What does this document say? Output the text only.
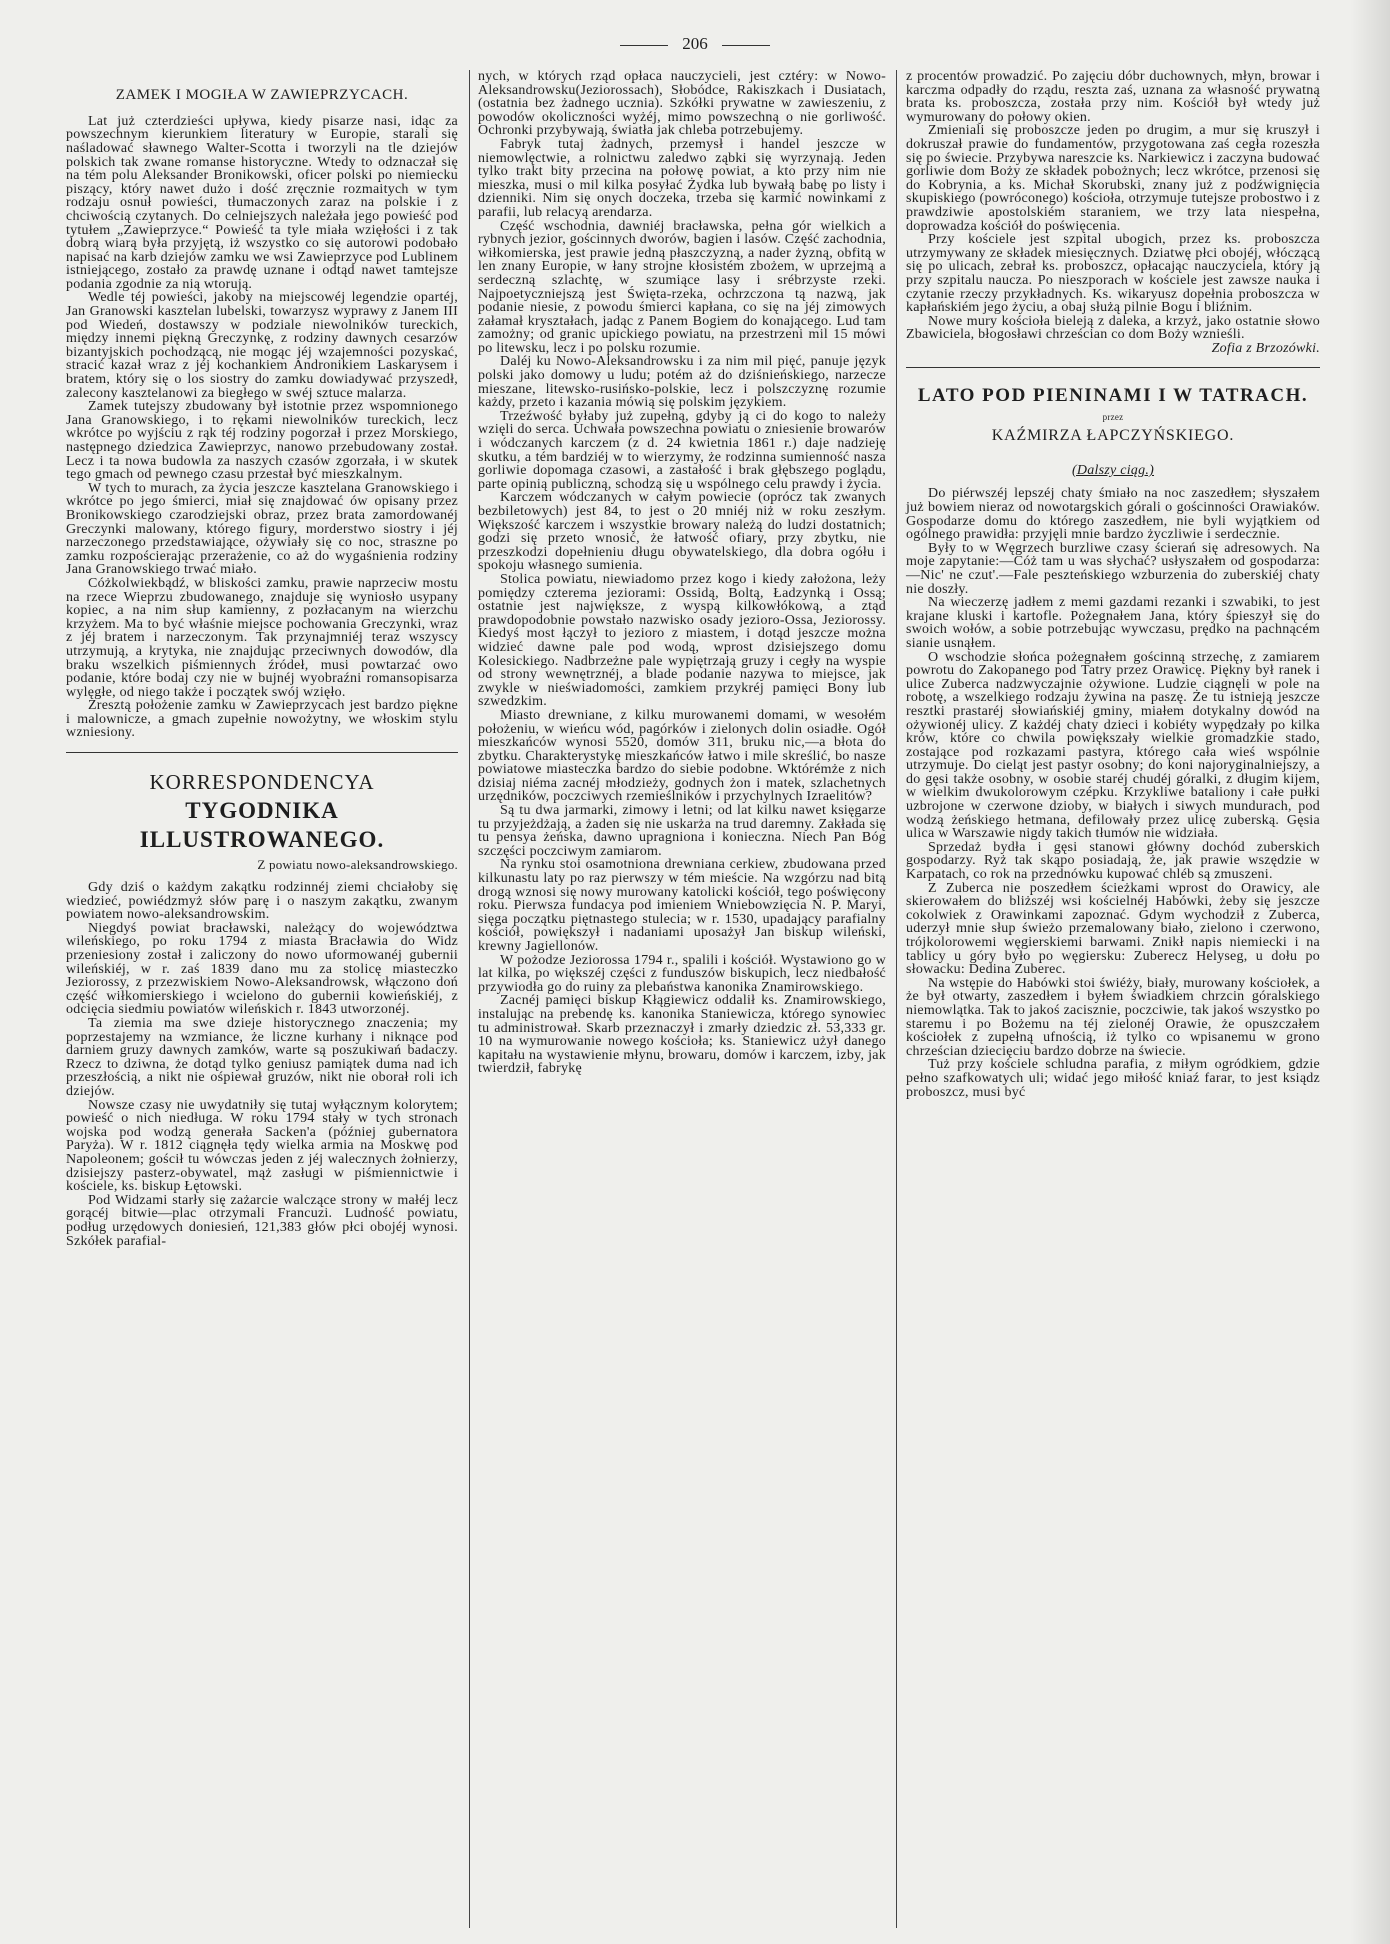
206
ZAMEK I MOGIŁA W ZAWIEPRZYCACH.

Lat już czterdzieści upływa, kiedy pisarze nasi, idąc za powszechnym kierunkiem literatury w Europie, starali się naśladować sławnego Walter-Scotta i tworzyli na tle dziejów polskich tak zwane romanse historyczne. Wtedy to odznaczał się na tém polu Aleksander Bronikowski, oficer polski po niemiecku piszący, który nawet dużo i dość zręcznie rozmaitych w tym rodzaju osnuł powieści, tłumaczonych zaraz na polskie i z chciwością czytanych. Do celniejszych należała jego powieść pod tytułem „Zawieprzyce.“ Powieść ta tyle miała wzięłości i z tak dobrą wiarą była przyjętą, iż wszystko co się autorowi podobało napisać na karb dziejów zamku we wsi Zawieprzyce pod Lublinem istniejącego, zostało za prawdę uznane i odtąd nawet tamtejsze podania zgodnie za nią wtorują.

Wedle téj powieści, jakoby na miejscowéj legendzie opartéj, Jan Granowski kasztelan lubelski, towarzysz wyprawy z Janem III pod Wiedeń, dostawszy w podziale niewolników tureckich, między innemi piękną Greczynkę, z rodziny dawnych cesarzów bizantyjskich pochodzącą, nie mogąc jéj wzajemności pozyskać, stracić kazał wraz z jéj kochankiem Andronikiem Laskarysem i bratem, który się o los siostry do zamku dowiadywać przyszedł, zalecony kasztelanowi za biegłego w swéj sztuce malarza.

Zamek tutejszy zbudowany był istotnie przez wspomnionego Jana Granowskiego, i to rękami niewolników tureckich, lecz wkrótce po wyjściu z rąk téj rodziny pogorzał i przez Morskiego, następnego dziedzica Zawieprzyc, nanowo przebudowany został. Lecz i ta nowa budowla za naszych czasów zgorzała, i w skutek tego gmach od pewnego czasu przestał być mieszkalnym.

W tych to murach, za życia jeszcze kasztelana Granowskiego i wkrótce po jego śmierci, miał się znajdować ów opisany przez Bronikowskiego czarodziejski obraz, przez brata zamordowanéj Greczynki malowany, którego figury, morderstwo siostry i jéj narzeczonego przedstawiające, ożywiały się co noc, straszne po zamku rozpościerając przerażenie, co aż do wygaśnienia rodziny Jana Granowskiego trwać miało.

Cóżkolwiekbądź, w bliskości zamku, prawie naprzeciw mostu na rzece Wieprzu zbudowanego, znajduje się wyniosło usypany kopiec, a na nim słup kamienny, z pozłacanym na wierzchu krzyżem. Ma to być właśnie miejsce pochowania Greczynki, wraz z jéj bratem i narzeczonym. Tak przynajmniéj teraz wszyscy utrzymują, a krytyka, nie znajdując przeciwnych dowodów, dla braku wszelkich piśmiennych źródeł, musi powtarzać owo podanie, które bodaj czy nie w bujnéj wyobraźni romansopisarza wylęgłe, od niego także i początek swój wzięło.

Zresztą położenie zamku w Zawieprzycach jest bardzo piękne i malownicze, a gmach zupełnie nowożytny, we włoskim stylu wzniesiony.

KORRESPONDENCYA
TYGODNIKA ILLUSTROWANEGO.
Z powiatu nowo-aleksandrowskiego.

Gdy dziś o każdym zakątku rodzinnéj ziemi chciałoby się wiedzieć, powiédzmyż słów parę i o naszym zakątku, zwanym powiatem nowo-aleksandrowskim.

Niegdyś powiat bracławski, należący do województwa wileńskiego, po roku 1794 z miasta Bracławia do Widz przeniesiony został i zaliczony do nowo uformowanéj gubernii wileńskiéj, w r. zaś 1839 dano mu za stolicę miasteczko Jeziorossy, z przezwiskiem Nowo-Aleksandrowsk, włączono doń część wiłkomierskiego i wcielono do gubernii kowieńskiéj, z odcięcia siedmiu powiatów wileńskich r. 1843 utworzonéj.

Ta ziemia ma swe dzieje historycznego znaczenia; my poprzestajemy na wzmiance, że liczne kurhany i niknące pod darniem gruzy dawnych zamków, warte są poszukiwań badaczy. Rzecz to dziwna, że dotąd tylko geniusz pamiątek duma nad ich przeszłością, a nikt nie ośpiewał gruzów, nikt nie oborał roli ich dziejów.

Nowsze czasy nie uwydatniły się tutaj wyłącznym kolorytem; powieść o nich niedługa. W roku 1794 stały w tych stronach wojska pod wodzą generała Sacken'a (później gubernatora Paryża). W r. 1812 ciągnęła tędy wielka armia na Moskwę pod Napoleonem; gościł tu wówczas jeden z jéj walecznych żołnierzy, dzisiejszy pasterz-obywatel, mąż zasługi w piśmiennictwie i kościele, ks. biskup Łętowski.

Pod Widzami starły się zażarcie walczące strony w małéj lecz gorącéj bitwie—plac otrzymali Francuzi. Ludność powiatu, podług urzędowych doniesień, 121,383 głów płci obojéj wynosi. Szkółek parafial-

nych, w których rząd opłaca nauczycieli, jest cztéry: w Nowo-Aleksandrowsku(Jeziorossach), Słobódce, Rakiszkach i Dusiatach,(ostatnia bez żadnego ucznia). Szkółki prywatne w zawieszeniu, z powodów okoliczności wyżéj, mimo powszechną o nie gorliwość. Ochronki przybywają, światła jak chleba potrzebujemy.

Fabryk tutaj żadnych, przemysł i handel jeszcze w niemowlęctwie, a rolnictwu zaledwo ząbki się wyrzynają. Jeden tylko trakt bity przecina na połowę powiat, a kto przy nim nie mieszka, musi o mil kilka posyłać Żydka lub bywałą babę po listy i dzienniki. Nim się onych doczeka, trzeba się karmić nowinkami z parafii, lub relacyą arendarza.

Część wschodnia, dawniéj bracławska, pełna gór wielkich a rybnych jezior, gościnnych dworów, bagien i lasów. Część zachodnia, wiłkomierska, jest prawie jedną płaszczyzną, a nader żyzną, obfitą w len znany Europie, w łany strojne kłosistém zbożem, w uprzejmą a serdeczną szlachtę, w szumiące lasy i srébrzyste rzeki. Najpoetyczniejszą jest Święta-rzeka, ochrzczona tą nazwą, jak podanie niesie, z powodu śmierci kapłana, co się na jéj zimowych załamał kryształach, jadąc z Panem Bogiem do konającego. Lud tam zamożny; od granic upickiego powiatu, na przestrzeni mil 15 mówi po litewsku, lecz i po polsku rozumie.

Daléj ku Nowo-Aleksandrowsku i za nim mil pięć, panuje język polski jako domowy u ludu; potém aż do dziśnieńskiego, narzecze mieszane, litewsko-rusińsko-polskie, lecz i polszczyznę rozumie każdy, przeto i kazania mówią się polskim językiem.

Trzeźwość byłaby już zupełną, gdyby ją ci do kogo to należy wzięli do serca. Uchwała powszechna powiatu o zniesienie browarów i wódczanych karczem (z d. 24 kwietnia 1861 r.) daje nadzieję skutku, a tém bardziéj w to wierzymy, że rodzinna sumienność nasza gorliwie dopomaga czasowi, a zastałość i brak głębszego poglądu, parte opinią publiczną, schodzą się u wspólnego celu prawdy i życia.

Karczem wódczanych w całym powiecie (oprócz tak zwanych bezbiletowych) jest 84, to jest o 20 mniéj niż w roku zeszłym. Większość karczem i wszystkie browary należą do ludzi dostatnich; godzi się przeto wnosić, że łatwość ofiary, przy zbytku, nie przeszkodzi dopełnieniu długu obywatelskiego, dla dobra ogółu i spokoju własnego sumienia.

Stolica powiatu, niewiadomo przez kogo i kiedy założona, leży pomiędzy czterema jeziorami: Ossidą, Boltą, Ładzynką i Ossą; ostatnie jest największe, z wyspą kilkowłókową, a ztąd prawdopodobnie powstało nazwisko osady jezioro-Ossa, Jeziorossy. Kiedyś most łączył to jezioro z miastem, i dotąd jeszcze można widzieć dawne pale pod wodą, wprost dzisiejszego domu Kolesickiego. Nadbrzeżne pale wypiętrzają gruzy i cegły na wyspie od strony wewnętrznéj, a blade podanie nazywa to miejsce, jak zwykle w nieświadomości, zamkiem przykréj pamięci Bony lub szwedzkim.

Miasto drewniane, z kilku murowanemi domami, w wesołém położeniu, w wieńcu wód, pagórków i zielonych dolin osiadłe. Ogół mieszkańców wynosi 5520, domów 311, bruku nic,—a błota do zbytku. Charakterystykę mieszkańców łatwo i mile skreślić, bo nasze powiatowe miasteczka bardzo do siebie podobne. Wktórémże z nich dzisiaj niéma zacnéj młodzieży, godnych żon i matek, szlachetnych urzędników, poczciwych rzemieślników i przychylnych Izraelitów?

Są tu dwa jarmarki, zimowy i letni; od lat kilku nawet księgarze tu przyjeżdżają, a żaden się nie uskarża na trud daremny. Zakłada się tu pensya żeńska, dawno upragniona i konieczna. Niech Pan Bóg szczęści poczciwym zamiarom.

Na rynku stoi osamotniona drewniana cerkiew, zbudowana przed kilkunastu laty po raz pierwszy w tém mieście. Na wzgórzu nad bitą drogą wznosi się nowy murowany katolicki kościół, tego poświęcony roku. Pierwsza fundacya pod imieniem Wniebowzięcia N. P. Maryi, sięga początku piętnastego stulecia; w r. 1530, upadający parafialny kościół, powiększył i nadaniami uposażył Jan biskup wileński, krewny Jagiellonów.

W pożodze Jeziorossa 1794 r., spalili i kościół. Wystawiono go w lat kilka, po większéj części z funduszów biskupich, lecz niedbałość przywiodła go do ruiny za plebaństwa kanonika Znamirowskiego.

Zacnéj pamięci biskup Kłągiewicz oddalił ks. Znamirowskiego, instalując na prebendę ks. kanonika Staniewicza, którego synowiec tu administrował. Skarb przeznaczył i zmarły dziedzic zł. 53,333 gr. 10 na wymurowanie nowego kościoła; ks. Staniewicz użył danego kapitału na wystawienie młynu, browaru, domów i karczem, izby, jak twierdził, fabrykę

z procentów prowadzić. Po zajęciu dóbr duchownych, młyn, browar i karczma odpadły do rządu, reszta zaś, uznana za własność prywatną brata ks. proboszcza, została przy nim. Kościół był wtedy już wymurowany do połowy okien.

Zmieniali się proboszcze jeden po drugim, a mur się kruszył i dokruszał prawie do fundamentów, przygotowana zaś cegła rozeszła się po świecie. Przybywa nareszcie ks. Narkiewicz i zaczyna budować gorliwie dom Boży ze składek pobożnych; lecz wkrótce, przenosi się do Kobrynia, a ks. Michał Skorubski, znany już z podźwignięcia skupiskiego (powróconego) kościoła, otrzymuje tutejsze probostwo i z prawdziwie apostolskiém staraniem, we trzy lata niespełna, doprowadza kościół do poświęcenia.

Przy kościele jest szpital ubogich, przez ks. proboszcza utrzymywany ze składek miesięcznych. Dziatwę płci obojéj, włóczącą się po ulicach, zebrał ks. proboszcz, opłacając nauczyciela, który ją przy szpitalu naucza. Po nieszporach w kościele jest zawsze nauka i czytanie rzeczy przykładnych. Ks. wikaryusz dopełnia proboszcza w kapłańskiém jego życiu, a obaj służą pilnie Bogu i bliźnim.

Nowe mury kościoła bieleją z daleka, a krzyż, jako ostatnie słowo Zbawiciela, błogosławi chrześcian co dom Boży wznieśli.

Zofia z Brzozówki.

LATO POD PIENINAMI I W TATRACH.
przez
KAŹMIRZA ŁAPCZYŃSKIEGO.
(Dalszy ciąg.)

Do piérwszéj lepszéj chaty śmiało na noc zaszedłem; słyszałem już bowiem nieraz od nowotargskich górali o gościnności Orawiaków. Gospodarze domu do którego zaszedłem, nie byli wyjątkiem od ogólnego prawidła: przyjęli mnie bardzo życzliwie i serdecznie.

Były to w Węgrzech burzliwe czasy ścierań się adresowych. Na moje zapytanie:—Cóż tam u was słychać? usłyszałem od gospodarza:—Nic' ne czut'.—Fale peszteńskiego wzburzenia do zuberskiéj chaty nie doszły.

Na wieczerzę jadłem z memi gazdami rezanki i szwabiki, to jest krajane kluski i kartofle. Pożegnałem Jana, który śpieszył się do swoich wołów, a sobie potrzebując wywczasu, prędko na pachnącém sianie usnąłem.

O wschodzie słońca pożegnałem gościnną strzechę, z zamiarem powrotu do Zakopanego pod Tatry przez Orawicę. Piękny był ranek i ulice Zuberca nadzwyczajnie ożywione. Ludzie ciągnęli w pole na robotę, a wszelkiego rodzaju żywina na paszę. Że tu istnieją jeszcze resztki prastaréj słowiańskiéj gminy, miałem dotykalny dowód na ożywionéj ulicy. Z każdéj chaty dzieci i kobiéty wypędzały po kilka krów, które co chwila powiększały wielkie gromadzkie stado, zostające pod rozkazami pastyra, którego cała wieś wspólnie utrzymuje. Do cieląt jest pastyr osobny; do koni najoryginalniejszy, a do gęsi także osobny, w osobie staréj chudéj góralki, z długim kijem, w wielkim dwukolorowym czépku. Krzykliwe bataliony i całe pułki uzbrojone w czerwone dzioby, w białych i siwych mundurach, pod wodzą żeńskiego hetmana, defilowały przez ulicę zuberską. Gęsia ulica w Warszawie nigdy takich tłumów nie widziała.

Sprzedaż bydła i gęsi stanowi główny dochód zuberskich gospodarzy. Ryż tak skąpo posiadają, że, jak prawie wszędzie w Karpatach, co rok na przednówku kupować chléb są zmuszeni.

Z Zuberca nie poszedłem ścieżkami wprost do Orawicy, ale skierowałem do bliższéj wsi kościelnéj Habówki, żeby się jeszcze cokolwiek z Orawinkami zapoznać. Gdym wychodził z Zuberca, uderzył mnie słup świeżo przemalowany biało, zielono i czerwono, trójkolorowemi węgierskiemi barwami. Znikł napis niemiecki i na tablicy u góry było po węgiersku: Zuberecz Helyseg, u dołu po słowacku: Dedina Zuberec.

Na wstępie do Habówki stoi świéży, biały, murowany kościołek, a że był otwarty, zaszedłem i byłem świadkiem chrzcin góralskiego niemowlątka. Tak to jakoś zacisznie, poczciwie, tak jakoś wszystko po staremu i po Bożemu na téj zielonéj Orawie, że opuszczałem kościołek z zupełną ufnością, iż tylko co wpisanemu w grono chrześcian dziecięciu bardzo dobrze na świecie.

Tuż przy kościele schludna parafia, z miłym ogródkiem, gdzie pełno szafkowatych uli; widać jego miłość kniaź farar, to jest ksiądz proboszcz, musi być
